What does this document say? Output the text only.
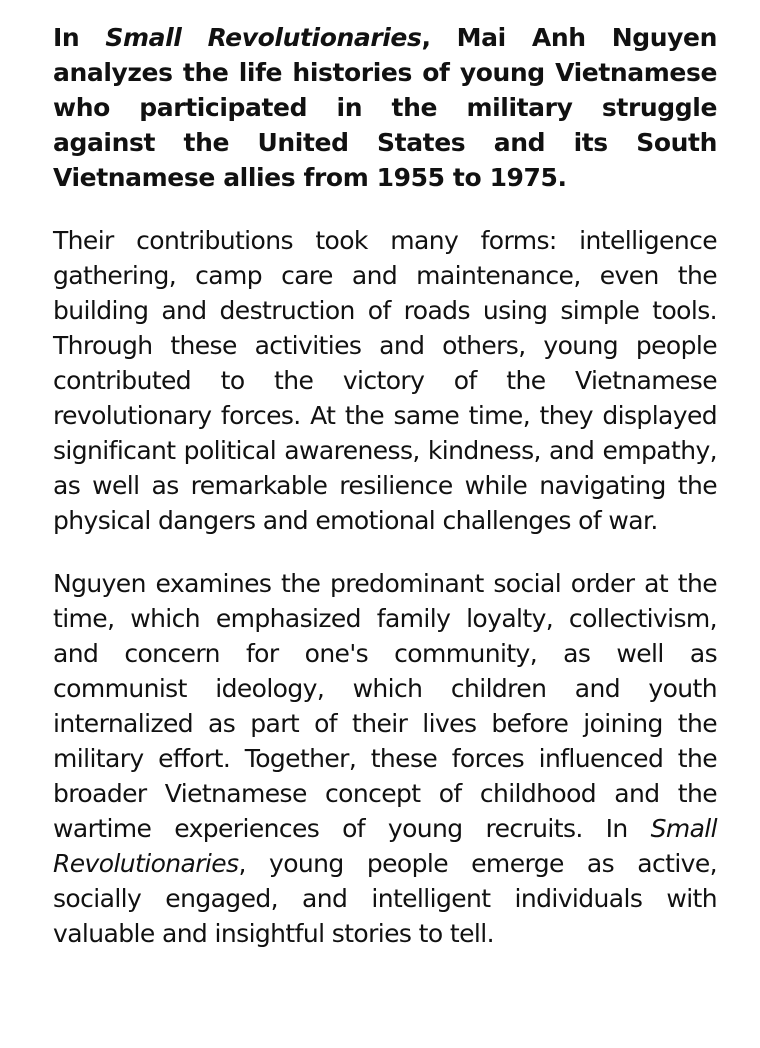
In Small Revolutionaries, Mai Anh Nguyen analyzes the life histories of young Vietnamese who participated in the military struggle against the United States and its South Vietnamese allies from 1955 to 1975.

Their contributions took many forms: intelligence gathering, camp care and maintenance, even the building and destruction of roads using simple tools. Through these activities and others, young people contributed to the victory of the Vietnamese revolutionary forces. At the same time, they displayed significant political awareness, kindness, and empathy, as well as remarkable resilience while navigating the physical dangers and emotional challenges of war.

Nguyen examines the predominant social order at the time, which emphasized family loyalty, collectivism, and concern for one's community, as well as communist ideology, which children and youth internalized as part of their lives before joining the military effort. Together, these forces influenced the broader Vietnamese concept of childhood and the wartime experiences of young recruits. In Small Revolutionaries, young people emerge as active, socially engaged, and intelligent individuals with valuable and insightful stories to tell.
